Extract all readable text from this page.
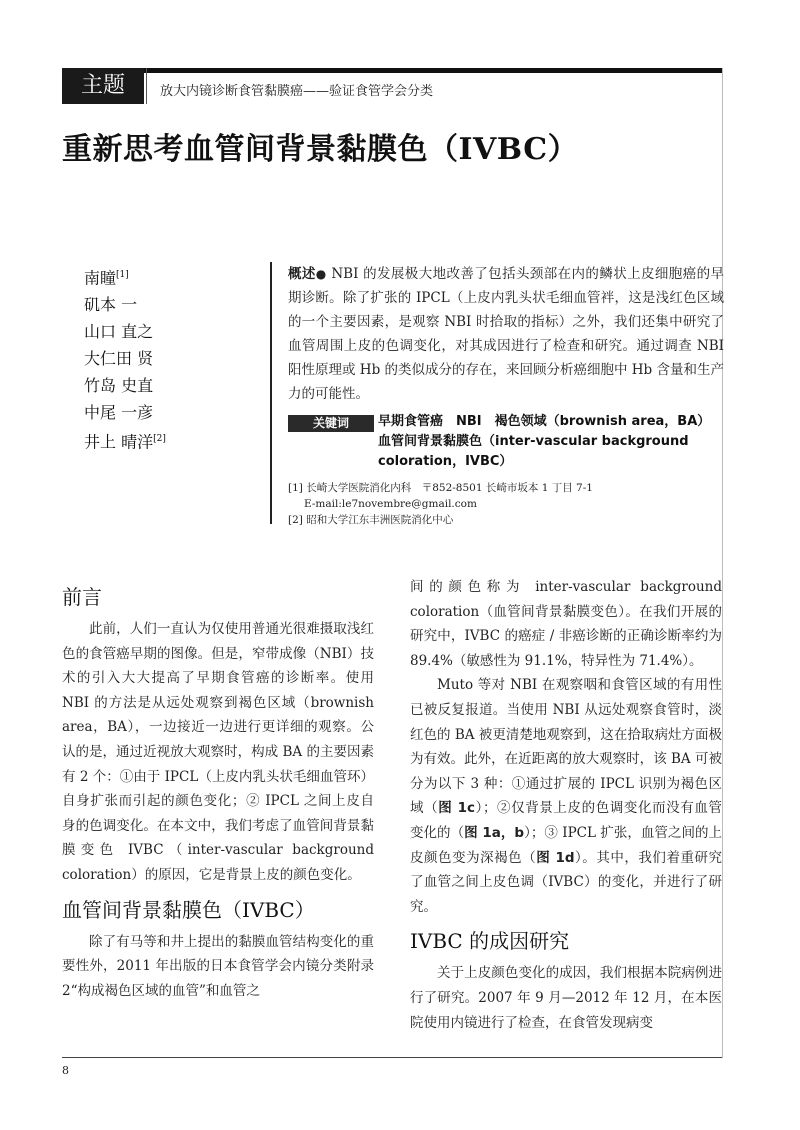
主题	放大内镜诊断食管黏膜癌——验证食管学会分类
重新思考血管间背景黏膜色（IVBC）
南瞳[1]
矶本 一
山口 直之
大仁田 贤
竹岛 史直
中尾 一彦
井上 晴洋[2]
概述● NBI 的发展极大地改善了包括头颈部在内的鳞状上皮细胞癌的早期诊断。除了扩张的 IPCL（上皮内乳头状毛细血管袢，这是浅红色区域的一个主要因素，是观察 NBI 时拾取的指标）之外，我们还集中研究了血管周围上皮的色调变化，对其成因进行了检查和研究。通过调查 NBI 阳性原理或 Hb 的类似成分的存在，来回顾分析癌细胞中 Hb 含量和生产力的可能性。
关键词	早期食管癌　NBI　褐色领域（brownish area，BA）
血管间背景黏膜色（inter-vascular background
coloration，IVBC）
[1] 长崎大学医院消化内科　〒852-8501 长崎市坂本 1 丁目 7-1
E-mail:le7novembre@gmail.com
[2] 昭和大学江东丰洲医院消化中心
前言

此前，人们一直认为仅使用普通光很难摄取浅红色的食管癌早期的图像。但是，窄带成像（NBI）技术的引入大大提高了早期食管癌的诊断率。使用 NBI 的方法是从远处观察到褐色区域（brownish area，BA），一边接近一边进行更详细的观察。公认的是，通过近视放大观察时，构成 BA 的主要因素有 2 个：①由于 IPCL（上皮内乳头状毛细血管环）自身扩张而引起的颜色变化；② IPCL 之间上皮自身的色调变化。在本文中，我们考虑了血管间背景黏膜变色 IVBC（inter-vascular background coloration）的原因，它是背景上皮的颜色变化。

血管间背景黏膜色（IVBC）

除了有马等和井上提出的黏膜血管结构变化的重要性外，2011 年出版的日本食管学会内镜分类附录 2“构成褐色区域的血管”和血管之

间的颜色称为 inter-vascular background coloration（血管间背景黏膜变色）。在我们开展的研究中，IVBC 的癌症 / 非癌诊断的正确诊断率约为 89.4%（敏感性为 91.1%，特异性为 71.4%）。

Muto 等对 NBI 在观察咽和食管区域的有用性已被反复报道。当使用 NBI 从远处观察食管时，淡红色的 BA 被更清楚地观察到，这在拾取病灶方面极为有效。此外，在近距离的放大观察时，该 BA 可被分为以下 3 种：①通过扩展的 IPCL 识别为褐色区域（图 1c）；②仅背景上皮的色调变化而没有血管变化的（图 1a，b）；③ IPCL 扩张，血管之间的上皮颜色变为深褐色（图 1d）。其中，我们着重研究了血管之间上皮色调（IVBC）的变化，并进行了研究。

IVBC 的成因研究

关于上皮颜色变化的成因，我们根据本院病例进行了研究。2007 年 9 月—2012 年 12 月，在本医院使用内镜进行了检查，在食管发现病变

8
